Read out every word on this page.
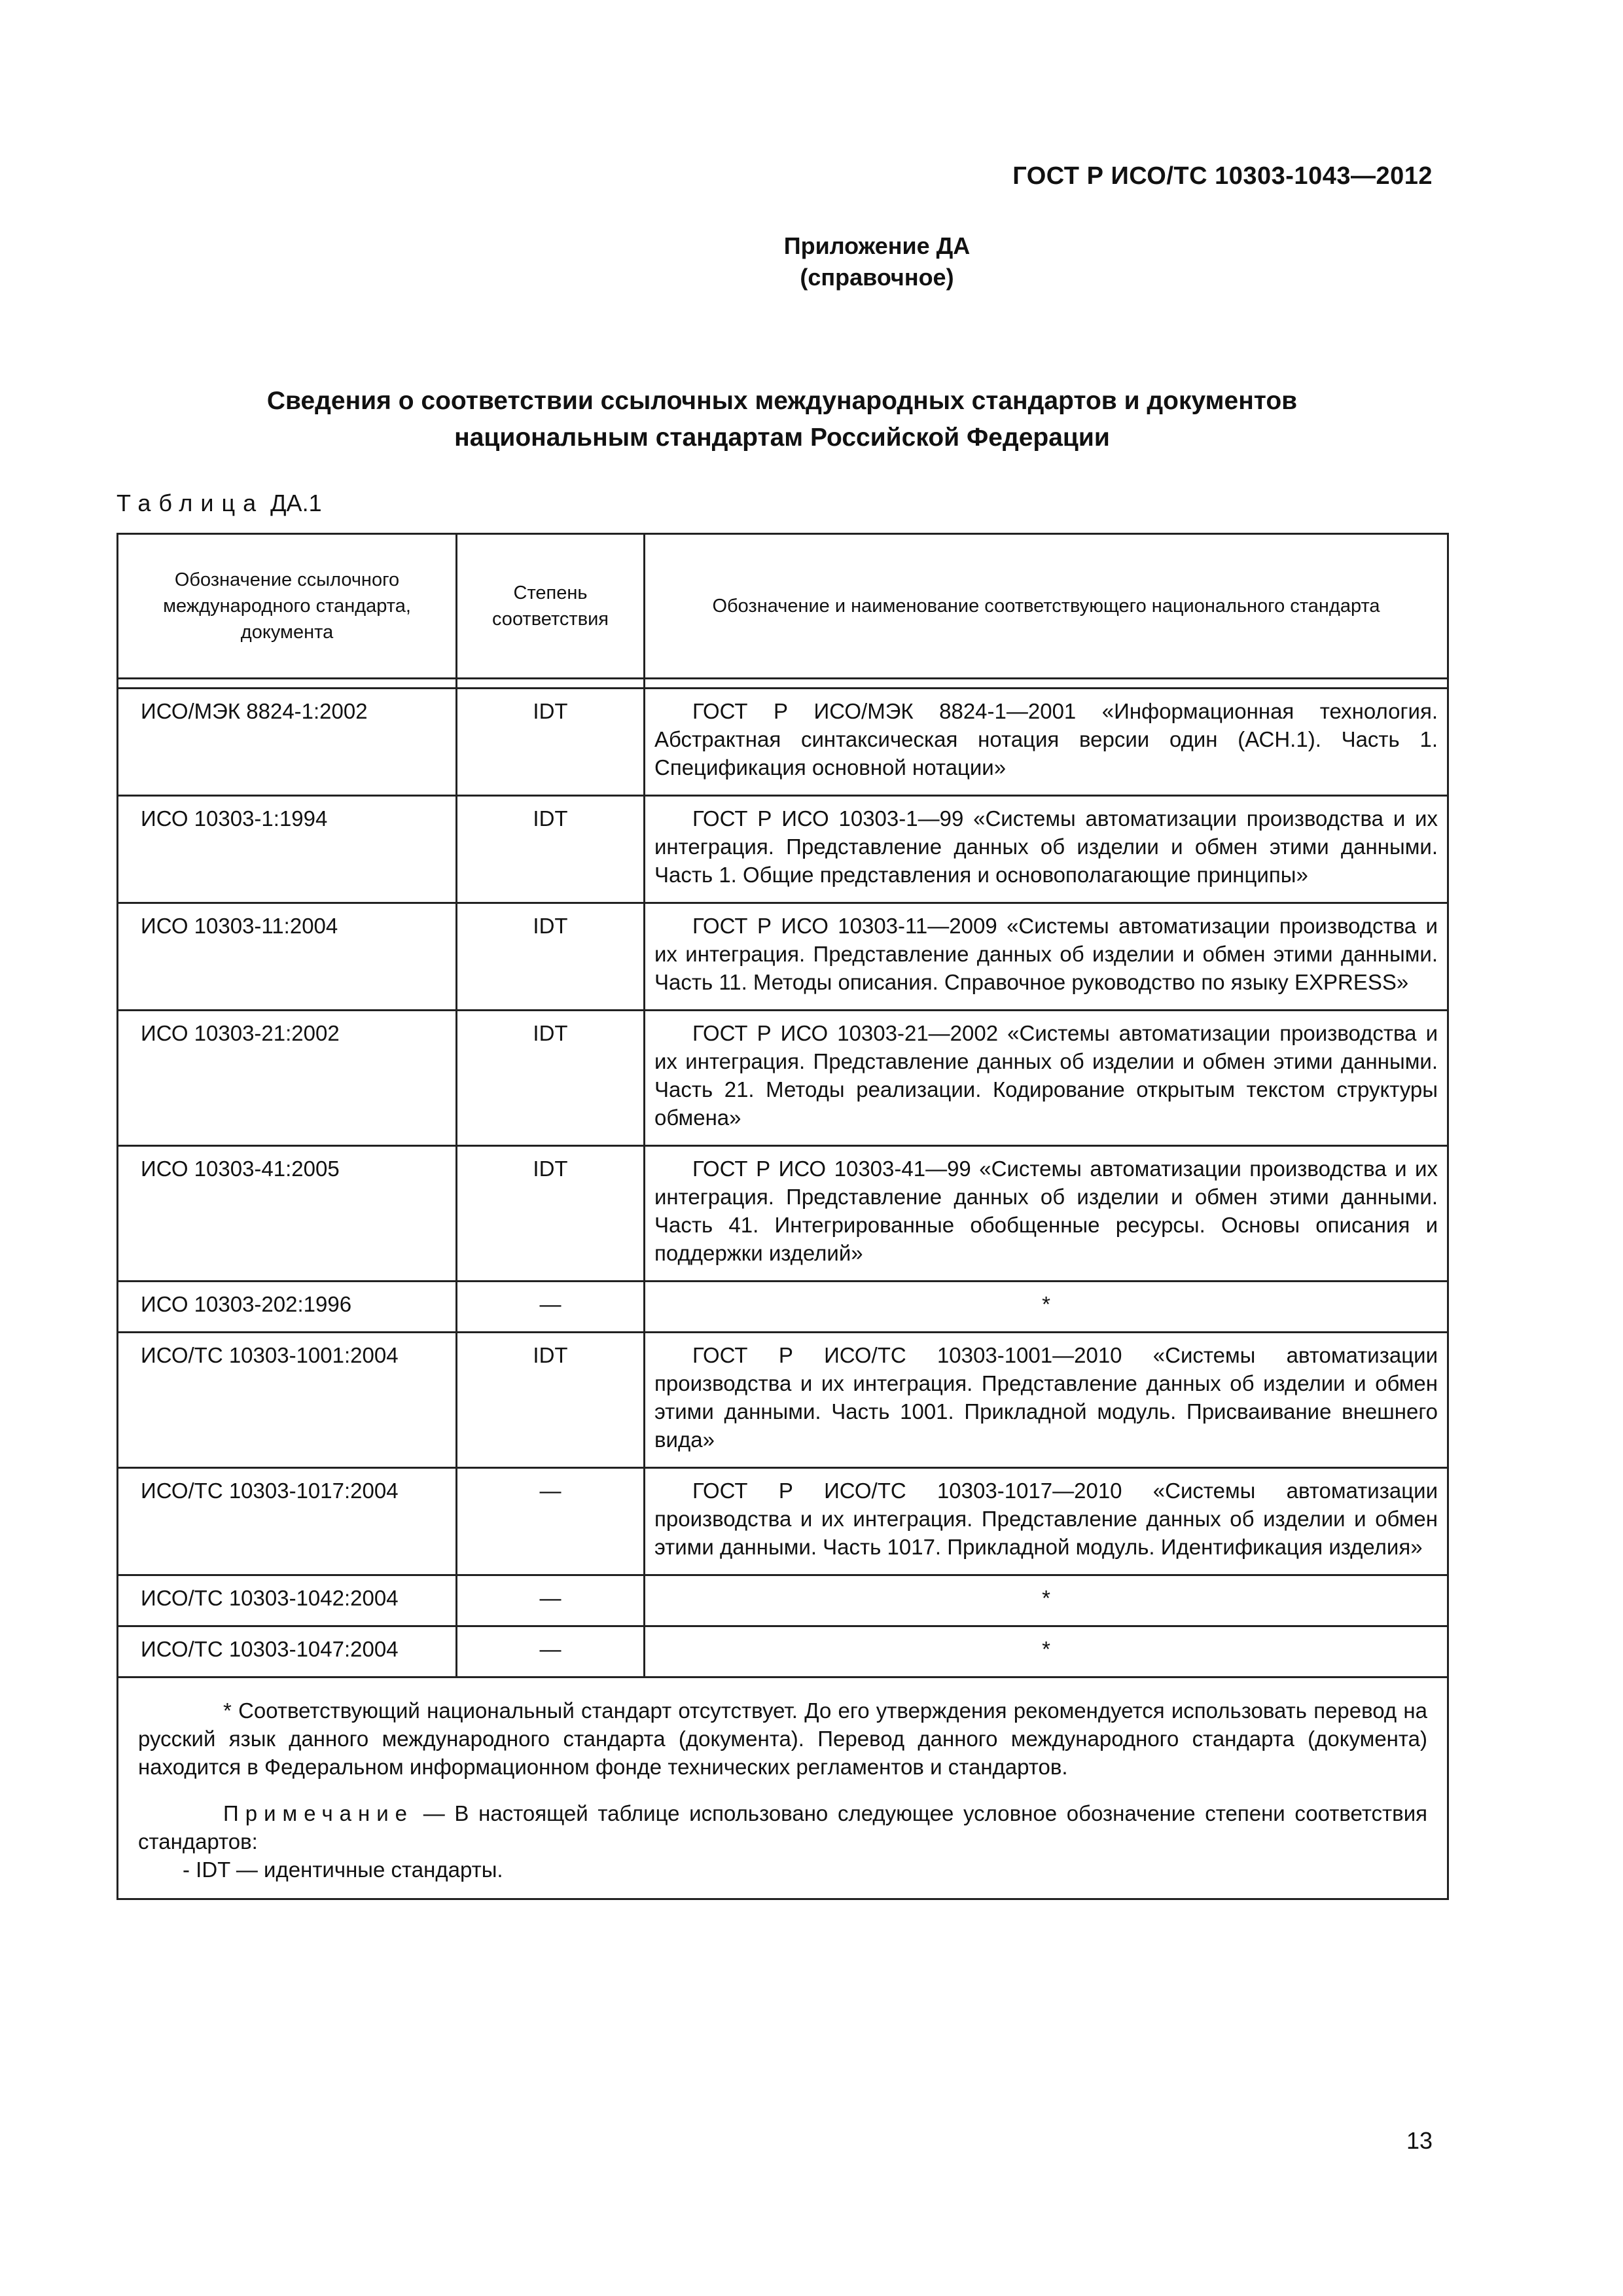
ГОСТ Р ИСО/ТС 10303-1043—2012
Приложение ДА
(справочное)
Сведения о соответствии ссылочных международных стандартов и документов
национальным стандартам Российской Федерации
Таблица ДА.1
Обозначение ссылочного международного стандарта, документа	Степень соответствия	Обозначение и наименование соответствующего национального стандарта

ИСО/МЭК 8824-1:2002	IDT	ГОСТ Р ИСО/МЭК 8824-1—2001 «Информационная технология. Абстрактная синтаксическая нотация версии один (АСН.1). Часть 1. Спецификация основной нотации»

ИСО 10303-1:1994	IDT	ГОСТ Р ИСО 10303-1—99 «Системы автоматизации производства и их интеграция. Представление данных об изделии и обмен этими данными. Часть 1. Общие представления и основополагающие принципы»

ИСО 10303-11:2004	IDT	ГОСТ Р ИСО 10303-11—2009 «Системы автоматизации производства и их интеграция. Представление данных об изделии и обмен этими данными. Часть 11. Методы описания. Справочное руководство по языку EXPRESS»

ИСО 10303-21:2002	IDT	ГОСТ Р ИСО 10303-21—2002 «Системы автоматизации производства и их интеграция. Представление данных об изделии и обмен этими данными. Часть 21. Методы реализации. Кодирование открытым текстом структуры обмена»

ИСО 10303-41:2005	IDT	ГОСТ Р ИСО 10303-41—99 «Системы автоматизации производства и их интеграция. Представление данных об изделии и обмен этими данными. Часть 41. Интегрированные обобщенные ресурсы. Основы описания и поддержки изделий»

ИСО 10303-202:1996	—	*
ИСО/ТС 10303-1001:2004	IDT	ГОСТ Р ИСО/ТС 10303-1001—2010 «Системы автоматизации производства и их интеграция. Представление данных об изделии и обмен этими данными. Часть 1001. Прикладной модуль. Присваивание внешнего вида»

ИСО/ТС 10303-1017:2004	—	ГОСТ Р ИСО/ТС 10303-1017—2010 «Системы автоматизации производства и их интеграция. Представление данных об изделии и обмен этими данными. Часть 1017. Прикладной модуль. Идентификация изделия»

ИСО/ТС 10303-1042:2004	—	*
ИСО/ТС 10303-1047:2004	—	*

* Соответствующий национальный стандарт отсутствует. До его утверждения рекомендуется использовать перевод на русский язык данного международного стандарта (документа). Перевод данного международного стандарта (документа) находится в Федеральном информационном фонде технических регламентов и стандартов.

Примечание — В настоящей таблице использовано следующее условное обозначение степени соответствия стандартов:

- IDT — идентичные стандарты.		

13
